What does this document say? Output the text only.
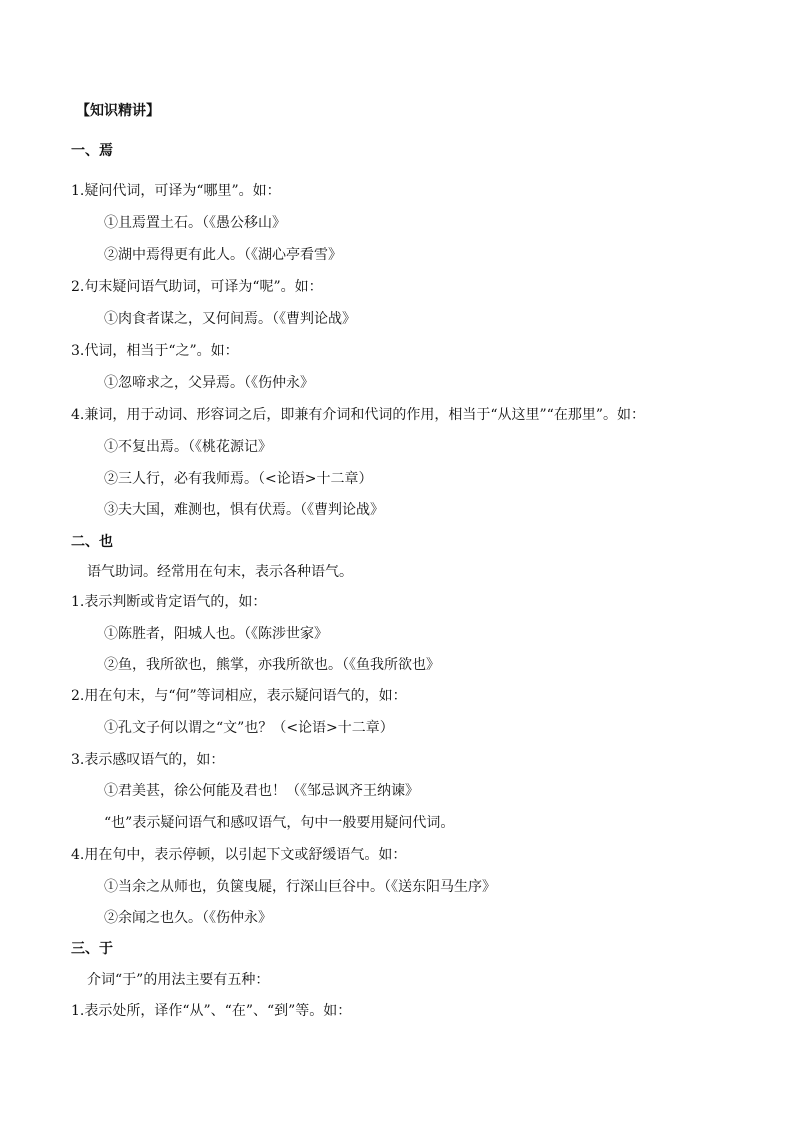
【知识精讲】
一、焉
1.疑问代词，可译为“哪里”。如：
①且焉置土石。（《愚公移山》
②湖中焉得更有此人。（《湖心亭看雪》
2.句末疑问语气助词，可译为“呢”。如：
①肉食者谋之，又何间焉。（《曹判论战》
3.代词，相当于“之”。如：
①忽啼求之，父异焉。（《伤仲永》
4.兼词，用于动词、形容词之后，即兼有介词和代词的作用，相当于“从这里”“在那里”。如：
①不复出焉。（《桃花源记》
②三人行，必有我师焉。（<论语>十二章）
③夫大国，难测也，惧有伏焉。（《曹判论战》
二、也
语气助词。经常用在句末，表示各种语气。
1.表示判断或肯定语气的，如：
①陈胜者，阳城人也。（《陈涉世家》
②鱼，我所欲也，熊掌，亦我所欲也。（《鱼我所欲也》
2.用在句末，与“何”等词相应，表示疑问语气的，如：
①孔文子何以谓之“文”也？（<论语>十二章）
3.表示感叹语气的，如：
①君美甚，徐公何能及君也！（《邹忌讽齐王纳谏》
“也”表示疑问语气和感叹语气，句中一般要用疑问代词。
4.用在句中，表示停顿，以引起下文或舒缓语气。如：
①当余之从师也，负箧曳屣，行深山巨谷中。（《送东阳马生序》
②余闻之也久。（《伤仲永》
三、于
介词“于”的用法主要有五种：
1.表示处所，译作“从”、“在”、“到”等。如：
